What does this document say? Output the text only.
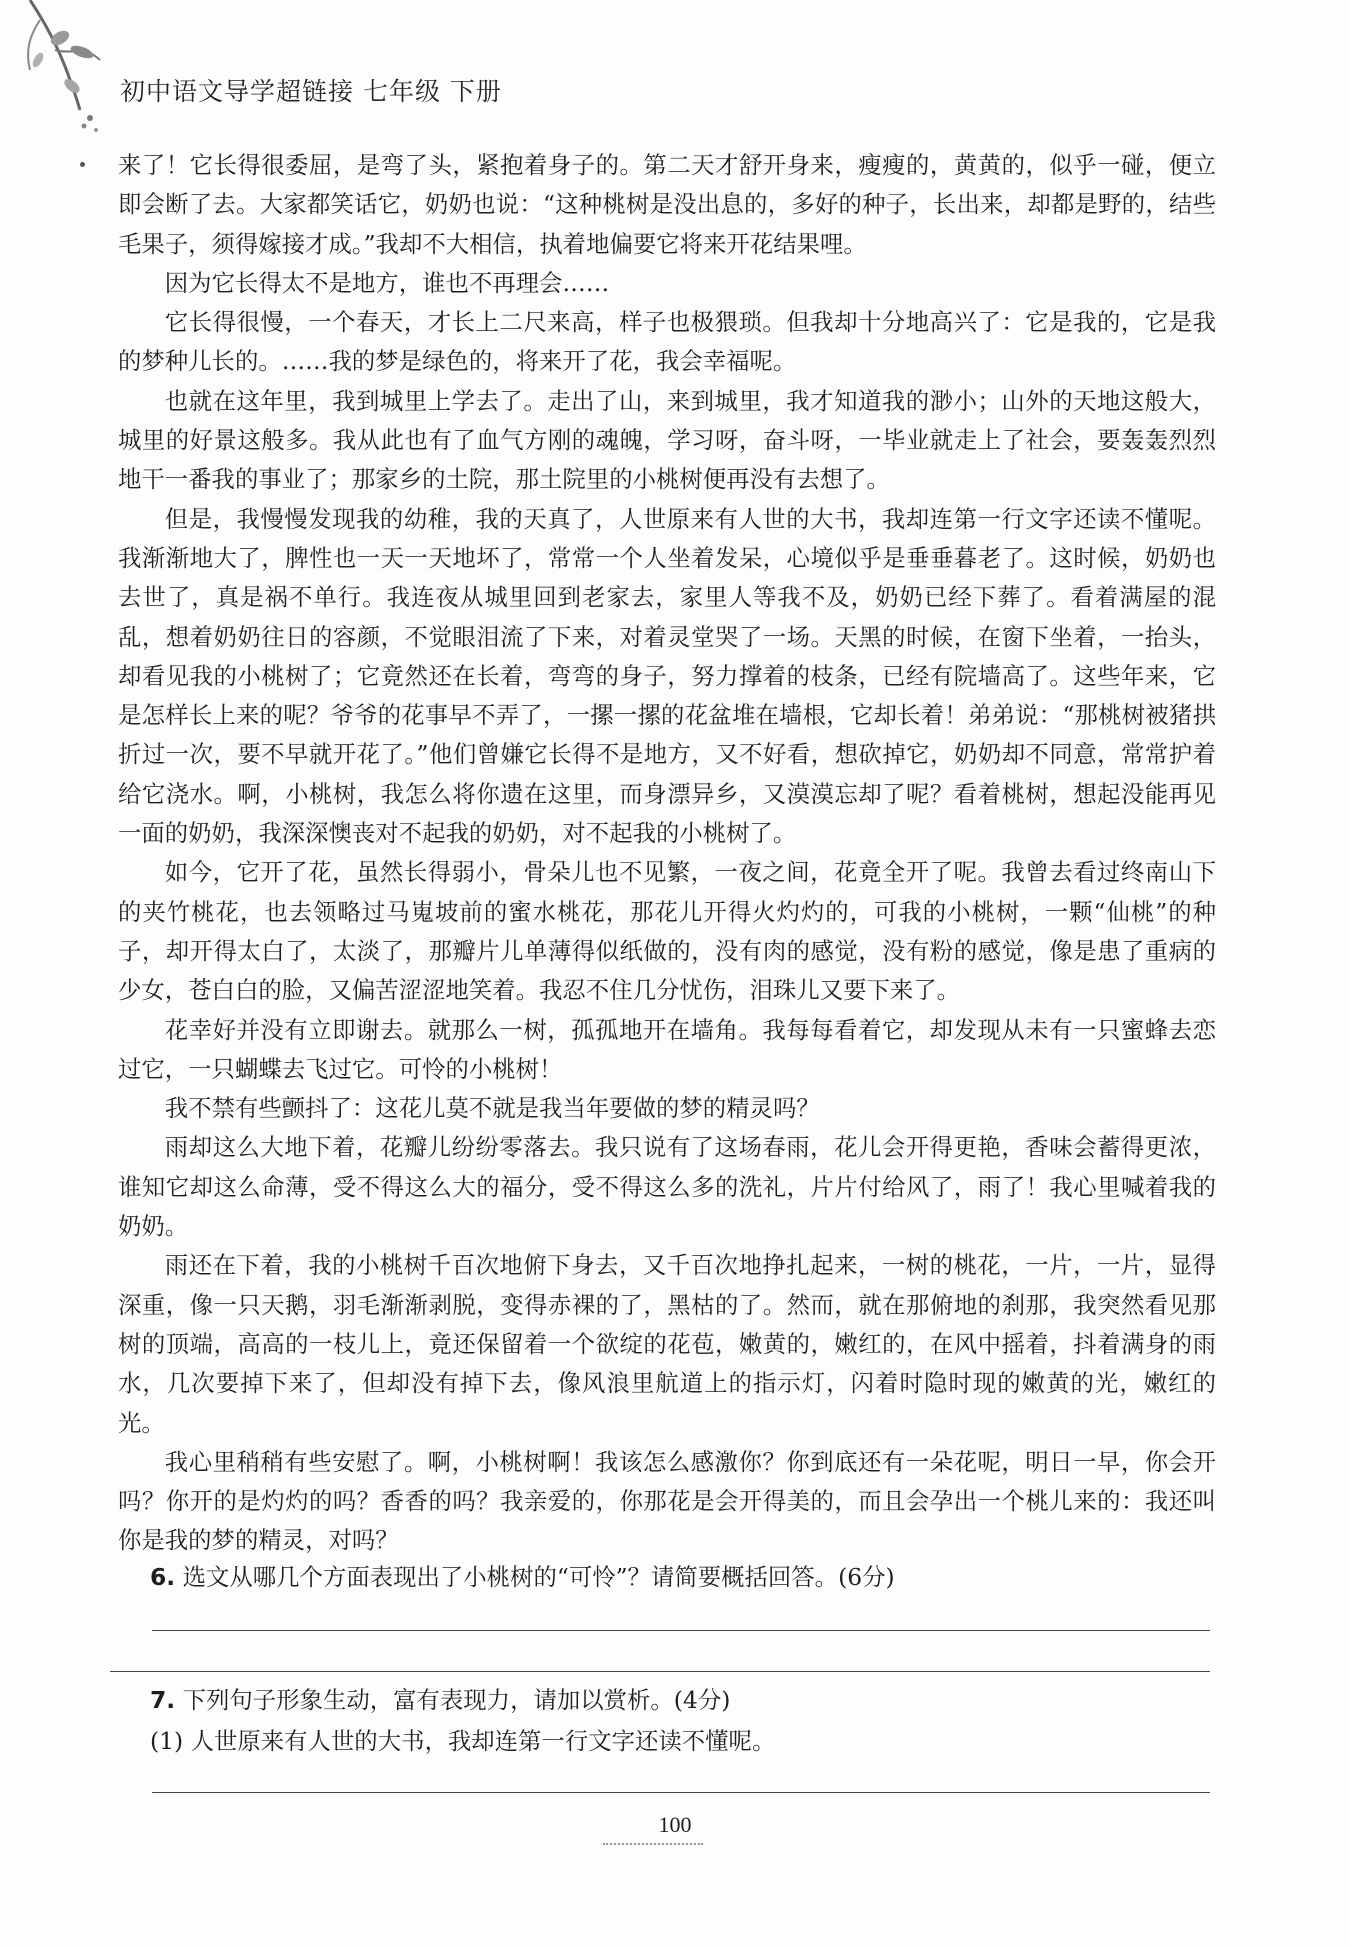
初中语文导学超链接 七年级 下册

来了！它长得很委屈，是弯了头，紧抱着身子的。第二天才舒开身来，瘦瘦的，黄黄的，似乎一碰，便立即会断了去。大家都笑话它，奶奶也说：“这种桃树是没出息的，多好的种子，长出来，却都是野的，结些毛果子，须得嫁接才成。”我却不大相信，执着地偏要它将来开花结果哩。

因为它长得太不是地方，谁也不再理会……

它长得很慢，一个春天，才长上二尺来高，样子也极猥琐。但我却十分地高兴了：它是我的，它是我的梦种儿长的。……我的梦是绿色的，将来开了花，我会幸福呢。

也就在这年里，我到城里上学去了。走出了山，来到城里，我才知道我的渺小；山外的天地这般大，城里的好景这般多。我从此也有了血气方刚的魂魄，学习呀，奋斗呀，一毕业就走上了社会，要轰轰烈烈地干一番我的事业了；那家乡的土院，那土院里的小桃树便再没有去想了。

但是，我慢慢发现我的幼稚，我的天真了，人世原来有人世的大书，我却连第一行文字还读不懂呢。我渐渐地大了，脾性也一天一天地坏了，常常一个人坐着发呆，心境似乎是垂垂暮老了。这时候，奶奶也去世了，真是祸不单行。我连夜从城里回到老家去，家里人等我不及，奶奶已经下葬了。看着满屋的混乱，想着奶奶往日的容颜，不觉眼泪流了下来，对着灵堂哭了一场。天黑的时候，在窗下坐着，一抬头，却看见我的小桃树了；它竟然还在长着，弯弯的身子，努力撑着的枝条，已经有院墙高了。这些年来，它是怎样长上来的呢？爷爷的花事早不弄了，一摞一摞的花盆堆在墙根，它却长着！弟弟说：“那桃树被猪拱折过一次，要不早就开花了。”他们曾嫌它长得不是地方，又不好看，想砍掉它，奶奶却不同意，常常护着给它浇水。啊，小桃树，我怎么将你遗在这里，而身漂异乡，又漠漠忘却了呢？看着桃树，想起没能再见一面的奶奶，我深深懊丧对不起我的奶奶，对不起我的小桃树了。

如今，它开了花，虽然长得弱小，骨朵儿也不见繁，一夜之间，花竟全开了呢。我曾去看过终南山下的夹竹桃花，也去领略过马嵬坡前的蜜水桃花，那花儿开得火灼灼的，可我的小桃树，一颗“仙桃”的种子，却开得太白了，太淡了，那瓣片儿单薄得似纸做的，没有肉的感觉，没有粉的感觉，像是患了重病的少女，苍白白的脸，又偏苦涩涩地笑着。我忍不住几分忧伤，泪珠儿又要下来了。

花幸好并没有立即谢去。就那么一树，孤孤地开在墙角。我每每看着它，却发现从未有一只蜜蜂去恋过它，一只蝴蝶去飞过它。可怜的小桃树！

我不禁有些颤抖了：这花儿莫不就是我当年要做的梦的精灵吗？

雨却这么大地下着，花瓣儿纷纷零落去。我只说有了这场春雨，花儿会开得更艳，香味会蓄得更浓，谁知它却这么命薄，受不得这么大的福分，受不得这么多的洗礼，片片付给风了，雨了！我心里喊着我的奶奶。

雨还在下着，我的小桃树千百次地俯下身去，又千百次地挣扎起来，一树的桃花，一片，一片，显得深重，像一只天鹅，羽毛渐渐剥脱，变得赤裸的了，黑枯的了。然而，就在那俯地的刹那，我突然看见那树的顶端，高高的一枝儿上，竟还保留着一个欲绽的花苞，嫩黄的，嫩红的，在风中摇着，抖着满身的雨水，几次要掉下来了，但却没有掉下去，像风浪里航道上的指示灯，闪着时隐时现的嫩黄的光，嫩红的光。

我心里稍稍有些安慰了。啊，小桃树啊！我该怎么感激你？你到底还有一朵花呢，明日一早，你会开吗？你开的是灼灼的吗？香香的吗？我亲爱的，你那花是会开得美的，而且会孕出一个桃儿来的：我还叫你是我的梦的精灵，对吗？

6. 选文从哪几个方面表现出了小桃树的“可怜”？请简要概括回答。(6分)
7. 下列句子形象生动，富有表现力，请加以赏析。(4分)
(1) 人世原来有人世的大书，我却连第一行文字还读不懂呢。
100
